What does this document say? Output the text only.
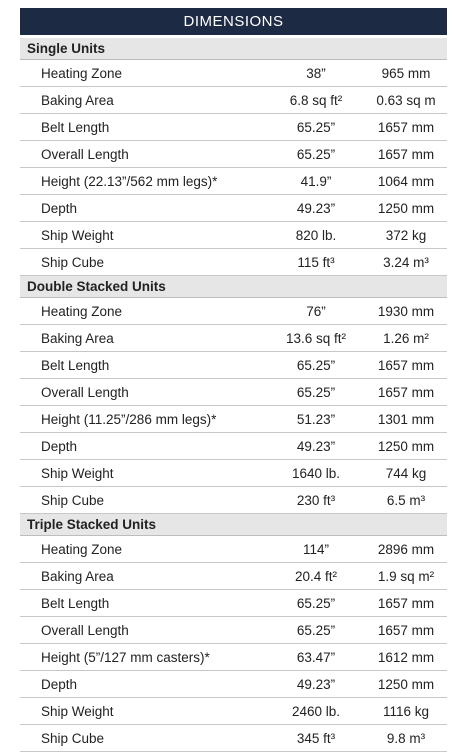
DIMENSIONS
Single Units
Heating Zone	38”	965 mm
Baking Area	6.8 sq ft²	0.63 sq m
Belt Length	65.25”	1657 mm
Overall Length	65.25”	1657 mm
Height (22.13”/562 mm legs)*	41.9”	1064 mm
Depth	49.23”	1250 mm
Ship Weight	820 lb.	372 kg
Ship Cube	115 ft³	3.24 m³
Double Stacked Units
Heating Zone	76”	1930 mm
Baking Area	13.6 sq ft²	1.26 m²
Belt Length	65.25”	1657 mm
Overall Length	65.25”	1657 mm
Height (11.25”/286 mm legs)*	51.23”	1301 mm
Depth	49.23”	1250 mm
Ship Weight	1640 lb.	744 kg
Ship Cube	230 ft³	6.5 m³
Triple Stacked Units
Heating Zone	114”	2896 mm
Baking Area	20.4 ft²	1.9 sq m²
Belt Length	65.25”	1657 mm
Overall Length	65.25”	1657 mm
Height (5”/127 mm casters)*	63.47”	1612 mm
Depth	49.23”	1250 mm
Ship Weight	2460 lb.	1116 kg
Ship Cube	345 ft³	9.8 m³
